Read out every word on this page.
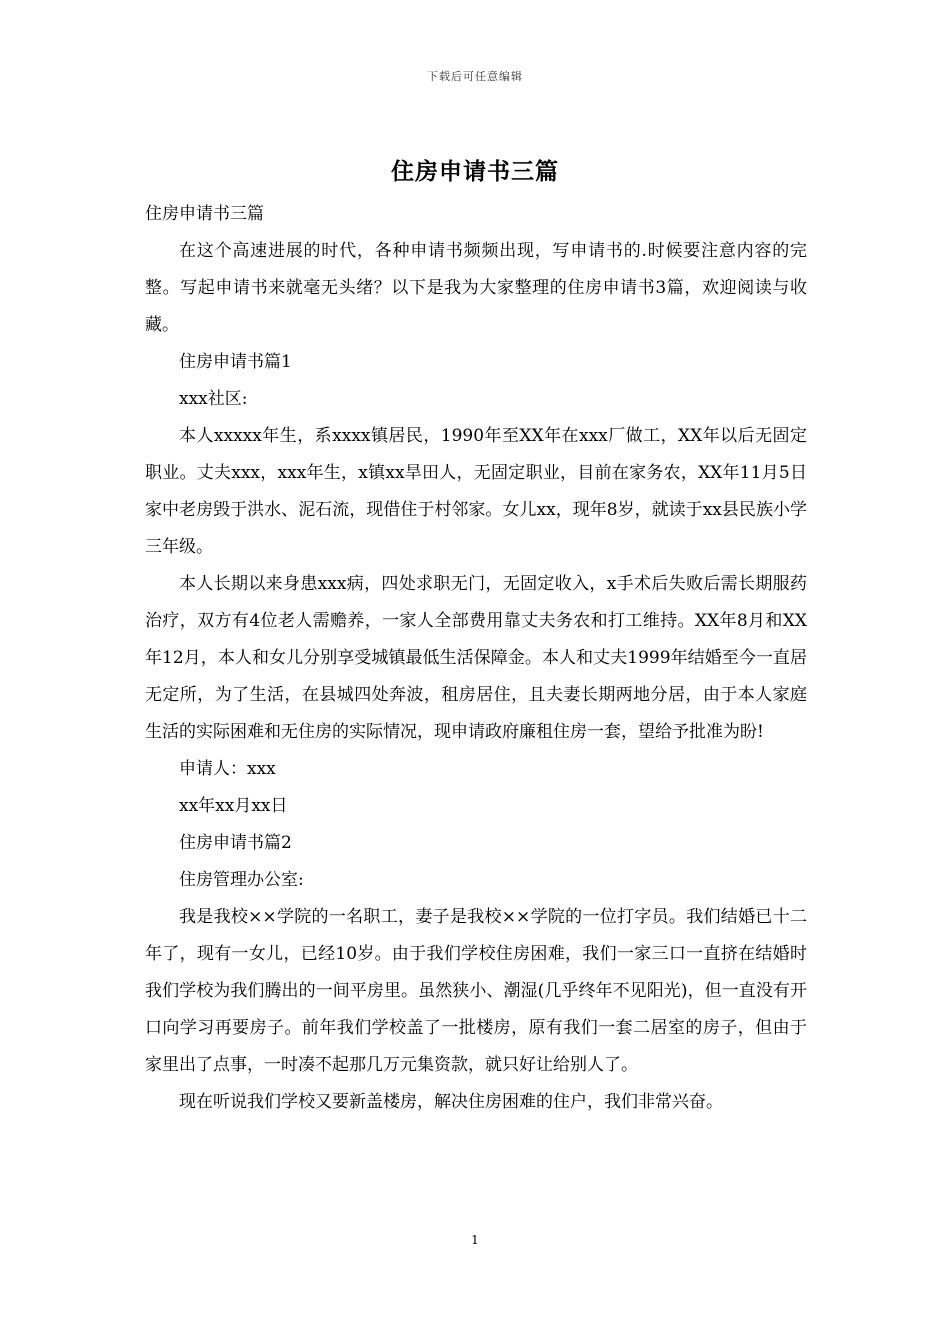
下载后可任意编辑
住房申请书三篇

住房申请书三篇

在这个高速进展的时代，各种申请书频频出现，写申请书的.时候要注意内容的完整。写起申请书来就毫无头绪？以下是我为大家整理的住房申请书3篇，欢迎阅读与收藏。

住房申请书篇1

xxx社区:

本人xxxxx年生，系xxxx镇居民，1990年至XX年在xxx厂做工，XX年以后无固定职业。丈夫xxx，xxx年生，x镇xx旱田人，无固定职业，目前在家务农，XX年11月5日家中老房毁于洪水、泥石流，现借住于村邻家。女儿xx，现年8岁，就读于xx县民族小学三年级。

本人长期以来身患xxx病，四处求职无门，无固定收入，x手术后失败后需长期服药治疗，双方有4位老人需赡养，一家人全部费用靠丈夫务农和打工维持。XX年8月和XX年12月，本人和女儿分别享受城镇最低生活保障金。本人和丈夫1999年结婚至今一直居无定所，为了生活，在县城四处奔波，租房居住，且夫妻长期两地分居，由于本人家庭生活的实际困难和无住房的实际情况，现申请政府廉租住房一套，望给予批准为盼!

申请人：xxx

xx年xx月xx日

住房申请书篇2

住房管理办公室:

我是我校××学院的一名职工，妻子是我校××学院的一位打字员。我们结婚已十二年了，现有一女儿，已经10岁。由于我们学校住房困难，我们一家三口一直挤在结婚时我们学校为我们腾出的一间平房里。虽然狭小、潮湿(几乎终年不见阳光)，但一直没有开口向学习再要房子。前年我们学校盖了一批楼房，原有我们一套二居室的房子，但由于家里出了点事，一时凑不起那几万元集资款，就只好让给别人了。

现在听说我们学校又要新盖楼房，解决住房困难的住户，我们非常兴奋。

1
